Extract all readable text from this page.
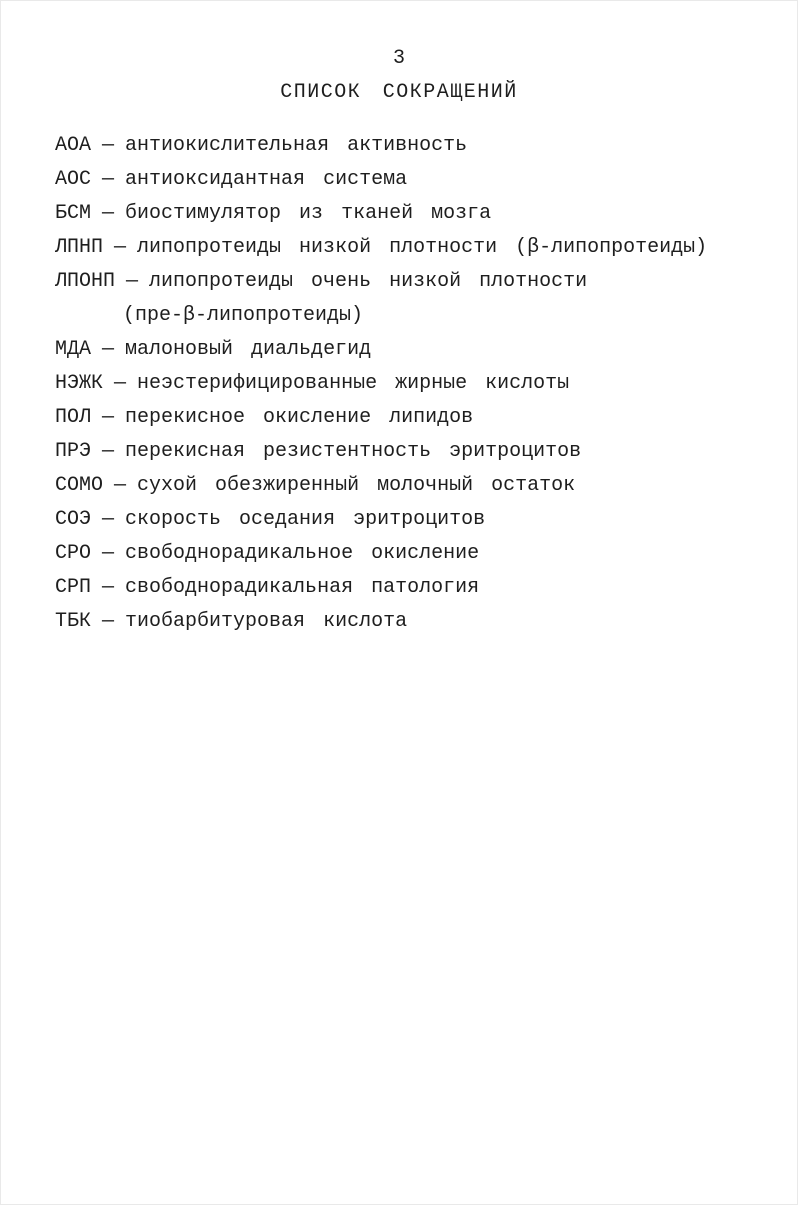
3
СПИСОК СОКРАЩЕНИЙ
АОА — антиокислительная активность
АОС — антиоксидантная система
БСМ — биостимулятор из тканей мозга
ЛПНП — липопротеиды низкой плотности (β-липопротеиды)
ЛПОНП — липопротеиды очень низкой плотности
(пре-β-липопротеиды)
МДА — малоновый диальдегид
НЭЖК — неэстерифицированные жирные кислоты
ПОЛ — перекисное окисление липидов
ПРЭ — перекисная резистентность эритроцитов
СОМО — сухой обезжиренный молочный остаток
СОЭ — скорость оседания эритроцитов
СРО — свободнорадикальное окисление
СРП — свободнорадикальная патология
ТБК — тиобарбитуровая кислота
